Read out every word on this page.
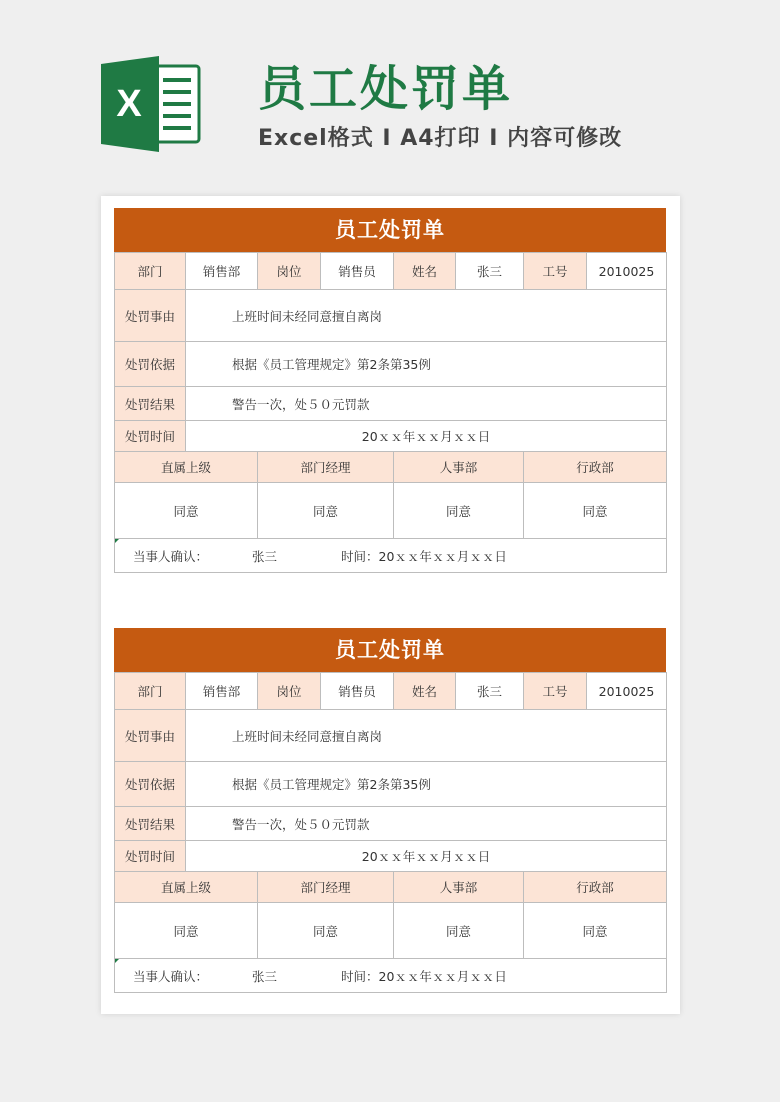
X 员工处罚单

Excel格式 I A4打印 I 内容可修改

员工处罚单
部门	销售部	岗位	销售员	姓名	张三	工号	2010025
处罚事由	上班时间未经同意擅自离岗						
处罚依据	根据《员工管理规定》第2条第35例						
处罚结果	警告一次，处５０元罚款						
处罚时间	20ｘｘ年ｘｘ月ｘｘ日						
直属上级		部门经理		人事部		行政部	
同意		同意		同意		同意	

当事人确认： 张三 时间：20ｘｘ年ｘｘ月ｘｘ日							
员工处罚单
部门	销售部	岗位	销售员	姓名	张三	工号	2010025
处罚事由	上班时间未经同意擅自离岗						
处罚依据	根据《员工管理规定》第2条第35例						
处罚结果	警告一次，处５０元罚款						
处罚时间	20ｘｘ年ｘｘ月ｘｘ日						
直属上级		部门经理		人事部		行政部	
同意		同意		同意		同意	

当事人确认： 张三 时间：20ｘｘ年ｘｘ月ｘｘ日							
